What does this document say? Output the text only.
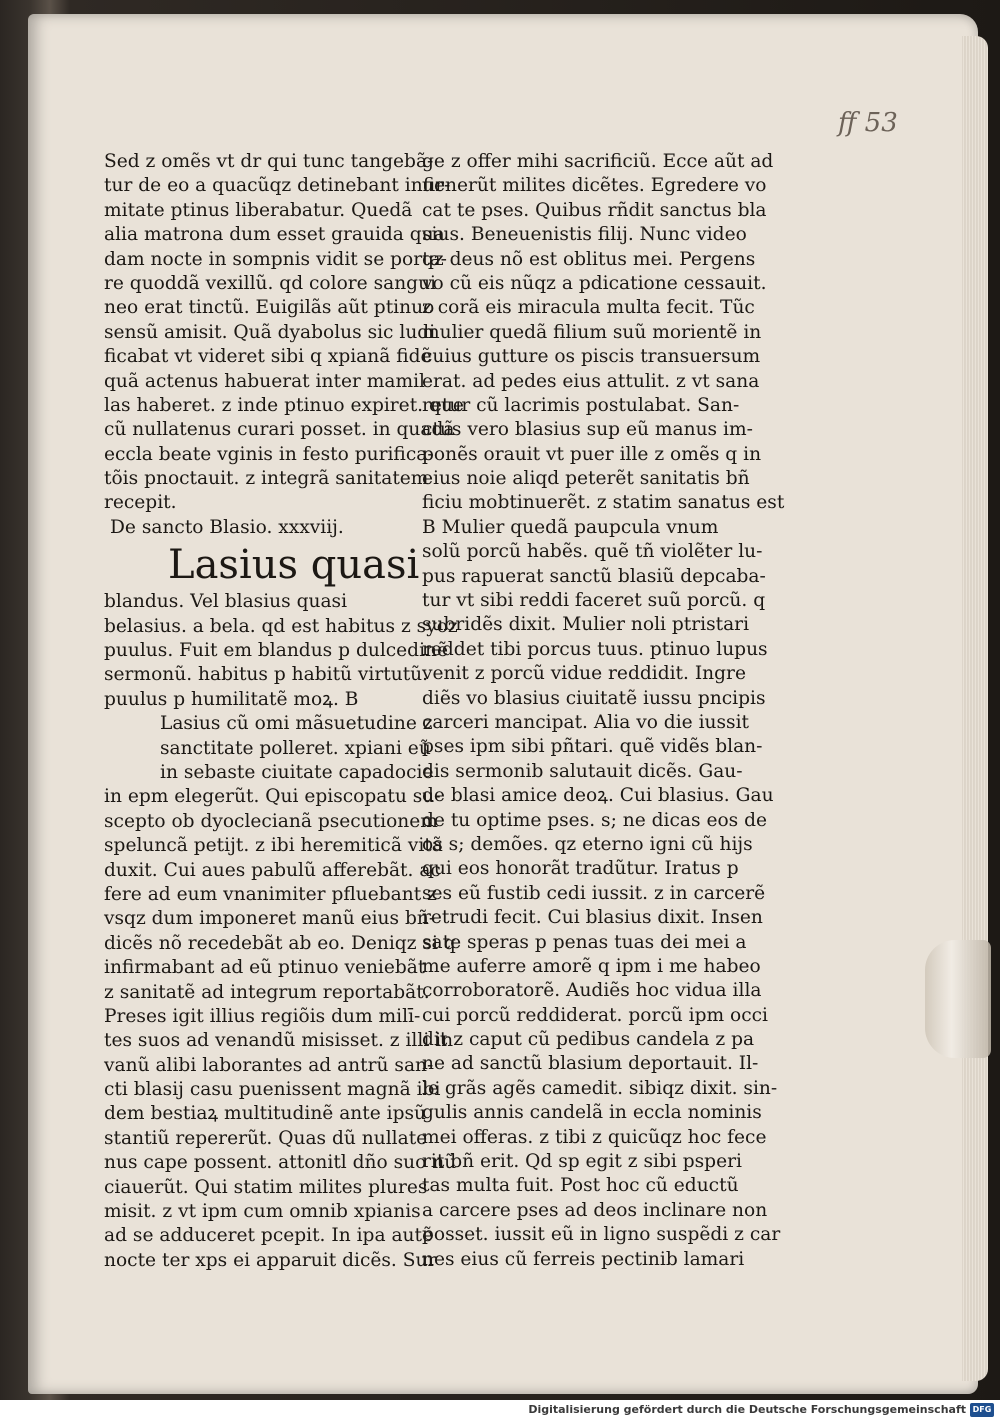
ff 53
Sed z omẽs vt dr qui tunc tangebã-
tur de eo a quacũqz detinebant infir-
mitate ptinus liberabatur. Quedã
alia matrona dum esset grauida qua
dam nocte in sompnis vidit se porta-
re quoddã vexillũ. qd colore sangui
neo erat tinctũ. Euigilãs aũt ptinuo
sensũ amisit. Quã dyabolus sic ludi
ficabat vt videret sibi q xpianã fidẽ
quã actenus habuerat inter mamil
las haberet. z inde ptinuo expiret. que
cũ nullatenus curari posset. in quadã
eccla beate vginis in festo purifica-
tõis pnoctauit. z integrã sanitatem
recepit.
De sancto Blasio. xxxviij.
Lasius quasi
blandus. Vel blasius quasi
belasius. a bela. qd est habitus z syoz
puulus. Fuit em blandus p dulcedinẽ
sermonũ. habitus p habitũ virtutũ.
puulus p humilitatẽ moꝝ. B
Lasius cũ omi mãsuetudine z
sanctitate polleret. xpiani eũ
in sebaste ciuitate capadocie
in epm elegerũt. Qui episcopatu su-
scepto ob dyoclecianã psecutionem
speluncã petijt. z ibi heremiticã vitã
duxit. Cui aues pabulũ afferebãt. ac
fere ad eum vnanimiter pfluebant z
vsqz dum imponeret manũ eius bñ-
dicẽs nõ recedebãt ab eo. Deniqz si q
infirmabant ad eũ ptinuo veniebãt
z sanitatẽ ad integrum reportabãt.
Preses igit illius regiõis dum milī-
tes suos ad venandũ misisset. z illi in
vanũ alibi laborantes ad antrũ san-
cti blasij casu puenissent magnã ibi
dem bestiaꝝ multitudinẽ ante ipsũ
stantiũ repererũt. Quas dũ nullate
nus cape possent. attonitl dño suo nũ
ciauerũt. Qui statim milites plures
misit. z vt ipm cum omnib xpianis
ad se adduceret pcepit. In ipa autẽ
nocte ter xps ei apparuit dicẽs. Sur
ge z offer mihi sacrificiũ. Ecce aũt ad
uenerũt milites dicẽtes. Egredere vo
cat te pses. Quibus rñdit sanctus bla
sius. Beneuenistis filij. Nunc video
qz deus nõ est oblitus mei. Pergens
vo cũ eis nũqz a pdicatione cessauit.
z corã eis miracula multa fecit. Tũc
mulier quedã filium suũ morientẽ in
cuius gutture os piscis transuersum
erat. ad pedes eius attulit. z vt sana
retur cũ lacrimis postulabat. San-
ctus vero blasius sup eũ manus im-
ponẽs orauit vt puer ille z omẽs q in
eius noie aliqd peterẽt sanitatis bñ
ficiu mobtinuerẽt. z statim sanatus est
B Mulier quedã paupcula vnum
solũ porcũ habẽs. quẽ tñ violẽter lu-
pus rapuerat sanctũ blasiũ depcaba-
tur vt sibi reddi faceret suũ porcũ. q
subridẽs dixit. Mulier noli ptristari
reddet tibi porcus tuus. ptinuo lupus
venit z porcũ vidue reddidit. Ingre
diẽs vo blasius ciuitatẽ iussu pncipis
carceri mancipat. Alia vo die iussit
pses ipm sibi pñtari. quẽ vidẽs blan-
dis sermonib salutauit dicẽs. Gau-
de blasi amice deoꝝ. Cui blasius. Gau
de tu optime pses. s; ne dicas eos de
os s; demões. qz eterno igni cũ hijs
qui eos honorãt tradũtur. Iratus p
ses eũ fustib cedi iussit. z in carcerẽ
retrudi fecit. Cui blasius dixit. Insen
sate speras p penas tuas dei mei a
me auferre amorẽ q ipm i me habeo
corroboratorẽ. Audiẽs hoc vidua illa
cui porcũ reddiderat. porcũ ipm occi
dit z caput cũ pedibus candela z pa
ne ad sanctũ blasium deportauit. Il-
le grãs agẽs camedit. sibiqz dixit. sin-
gulis annis candelã in eccla nominis
mei offeras. z tibi z quicũqz hoc fece
rit bñ erit. Qd sp egit z sibi psperi
tas multa fuit. Post hoc cũ eductũ
a carcere pses ad deos inclinare non
posset. iussit eũ in ligno suspẽdi z car
nes eius cũ ferreis pectinib lamari
Digitalisierung gefördert durch die Deutsche Forschungsgemeinschaft DFG
